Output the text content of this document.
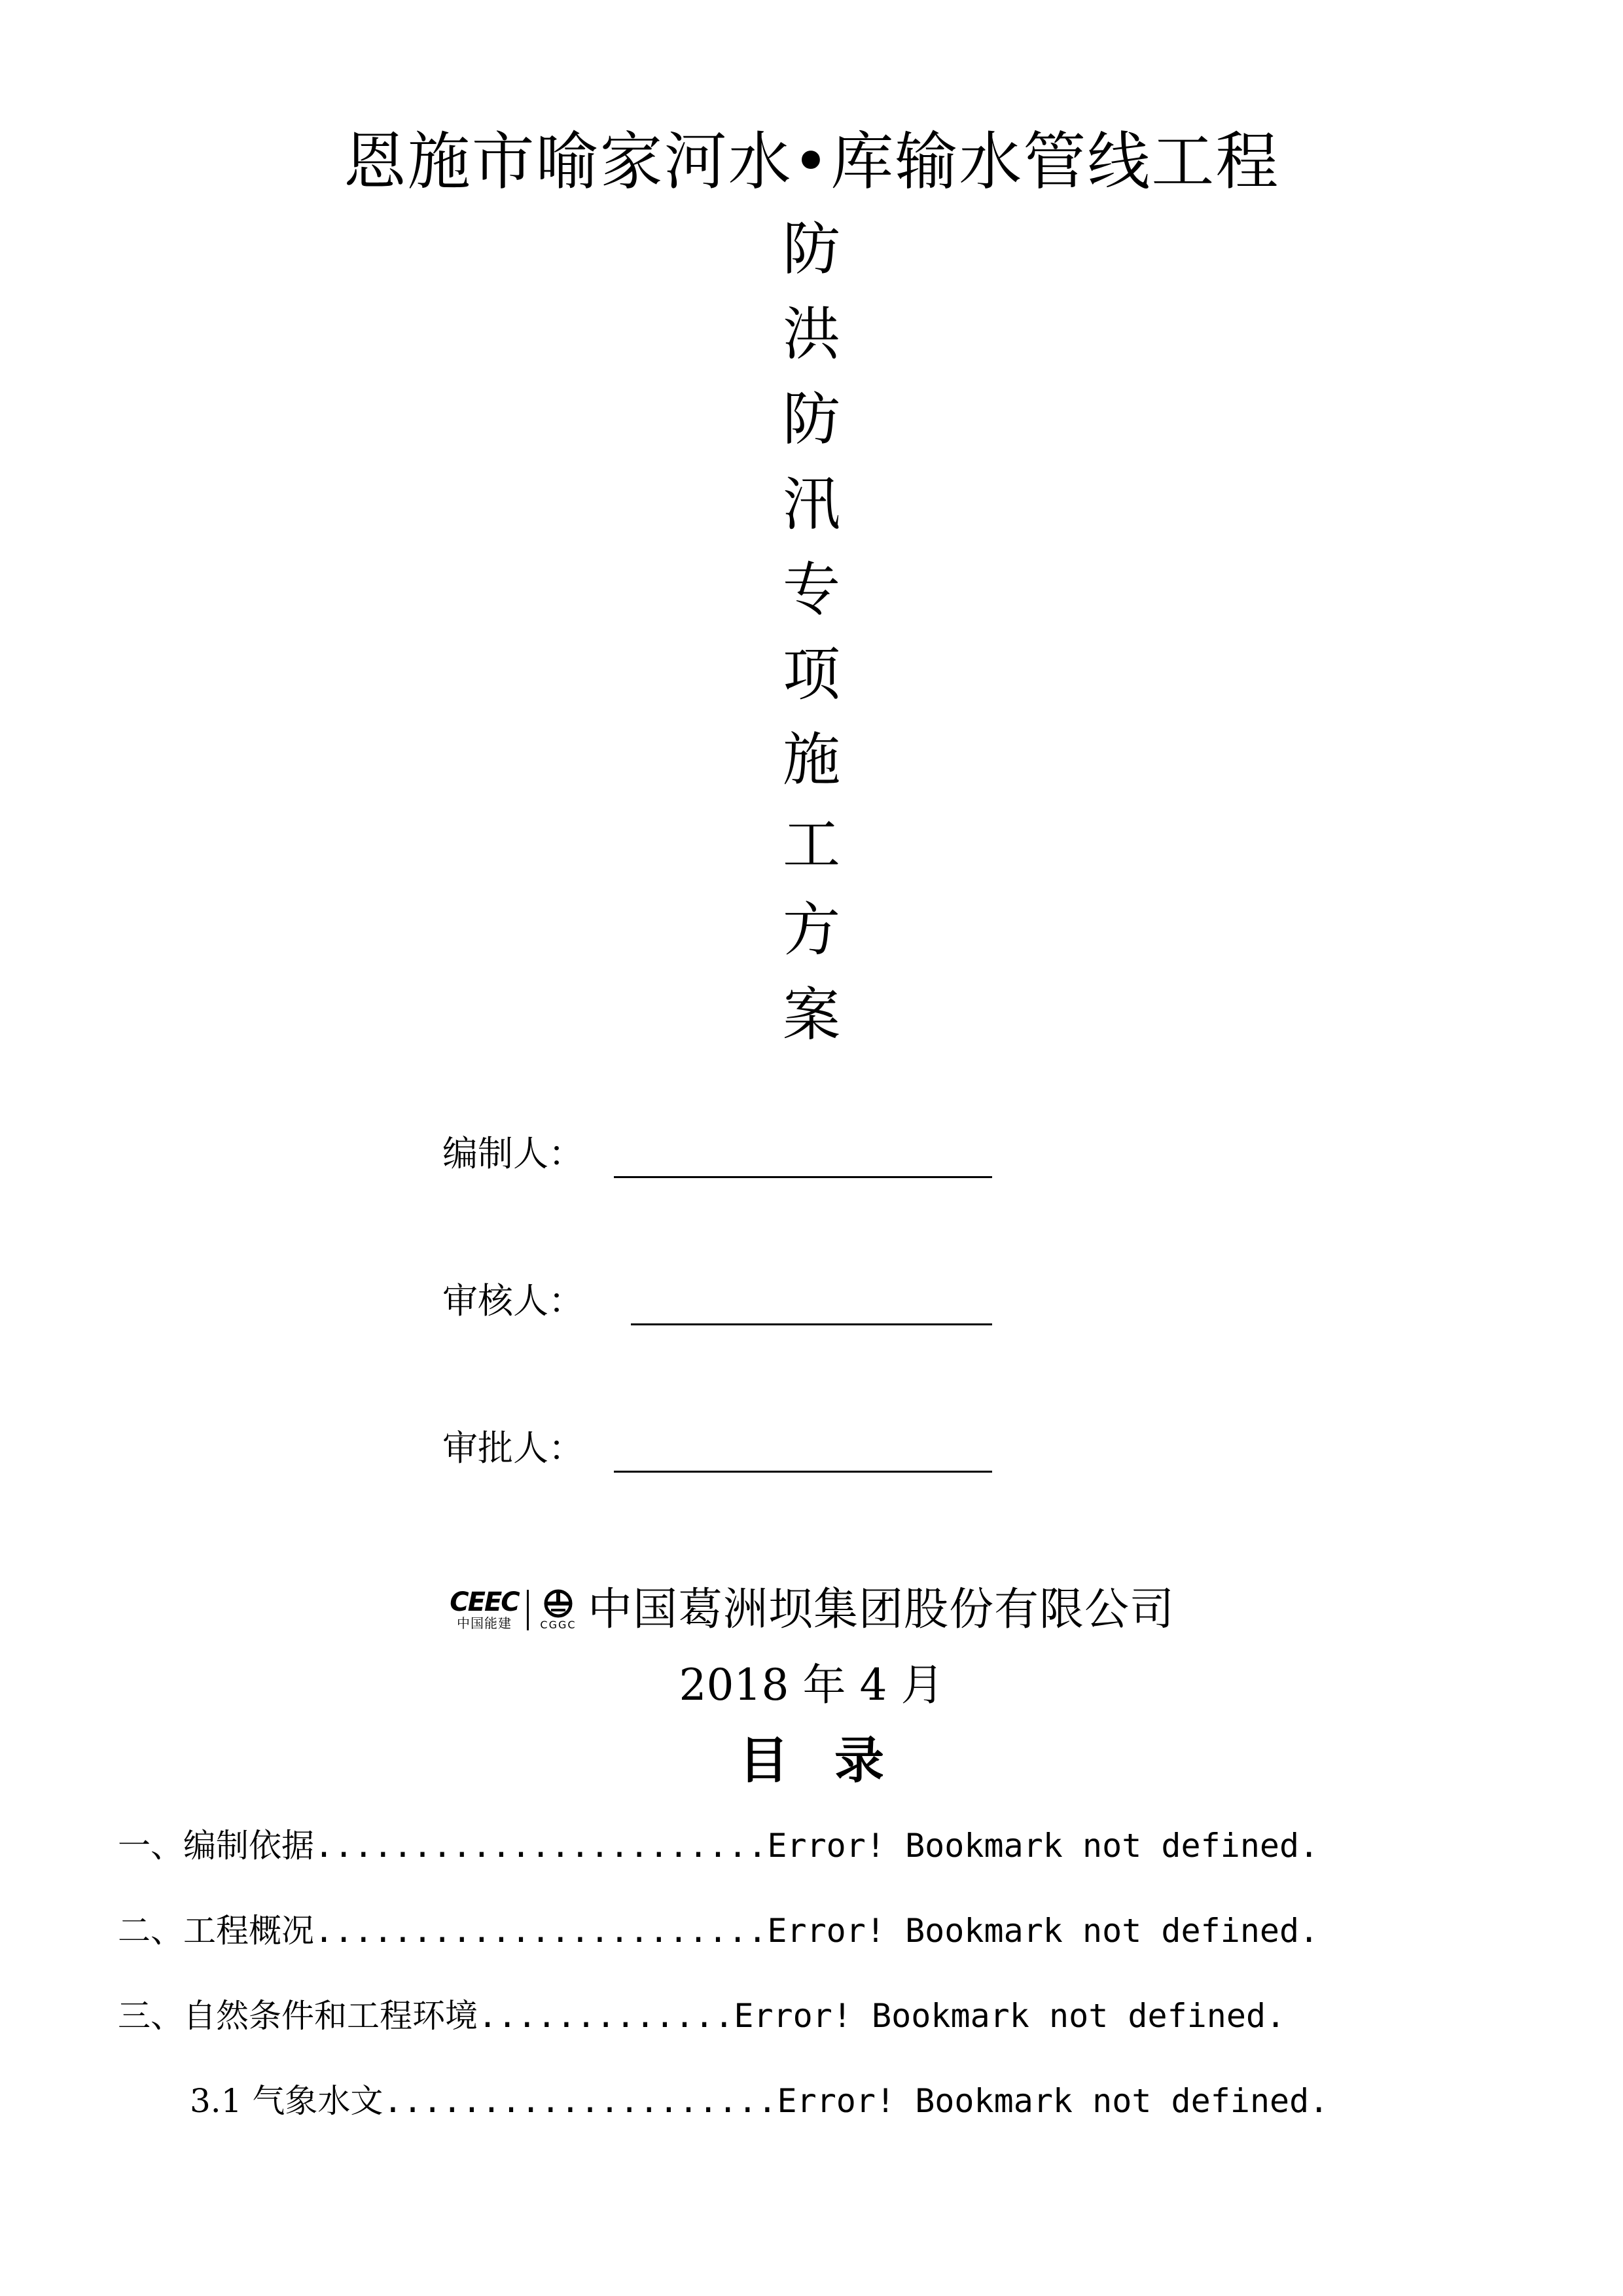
恩施市喻家河水•库输水管线工程
防
洪
防
汛
专
项
施
工
方
案
编制人：
审核人：
审批人：
CEEC
中国能建	CGGC 中国葛洲坝集团股份有限公司
2018 年 4 月
目录
一、编制依据 ....................... Error! Bookmark not defined.
二、工程概况 ....................... Error! Bookmark not defined.
三、自然条件和工程环境 ............. Error! Bookmark not defined.
3.1 气象水文 .................... Error! Bookmark not defined.
